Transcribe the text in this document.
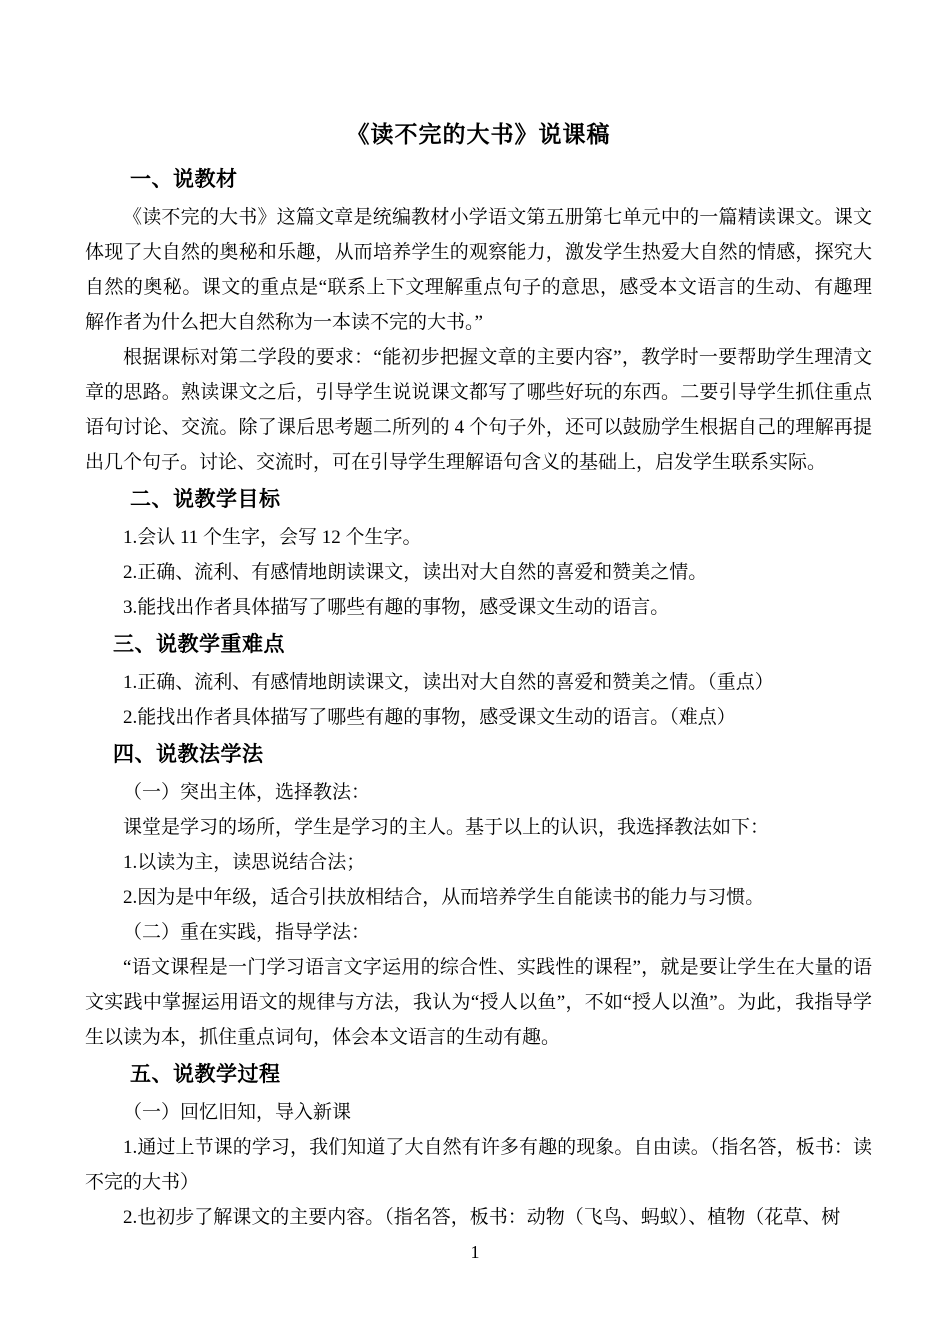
《读不完的大书》说课稿
一、说教材
《读不完的大书》这篇文章是统编教材小学语文第五册第七单元中的一篇精读课文。课文体现了大自然的奥秘和乐趣，从而培养学生的观察能力，激发学生热爱大自然的情感，探究大自然的奥秘。课文的重点是“联系上下文理解重点句子的意思，感受本文语言的生动、有趣理解作者为什么把大自然称为一本读不完的大书。”
根据课标对第二学段的要求：“能初步把握文章的主要内容”，教学时一要帮助学生理清文章的思路。熟读课文之后，引导学生说说课文都写了哪些好玩的东西。二要引导学生抓住重点语句讨论、交流。除了课后思考题二所列的 4 个句子外，还可以鼓励学生根据自己的理解再提出几个句子。讨论、交流时，可在引导学生理解语句含义的基础上，启发学生联系实际。
二、说教学目标
1.会认 11 个生字，会写 12 个生字。
2.正确、流利、有感情地朗读课文，读出对大自然的喜爱和赞美之情。
3.能找出作者具体描写了哪些有趣的事物，感受课文生动的语言。
三、说教学重难点
1.正确、流利、有感情地朗读课文，读出对大自然的喜爱和赞美之情。（重点）
2.能找出作者具体描写了哪些有趣的事物，感受课文生动的语言。（难点）
四、说教法学法
（一）突出主体，选择教法：
课堂是学习的场所，学生是学习的主人。基于以上的认识，我选择教法如下：
1.以读为主，读思说结合法；
2.因为是中年级，适合引扶放相结合，从而培养学生自能读书的能力与习惯。
（二）重在实践，指导学法：
“语文课程是一门学习语言文字运用的综合性、实践性的课程”，就是要让学生在大量的语文实践中掌握运用语文的规律与方法，我认为“授人以鱼”，不如“授人以渔”。为此，我指导学生以读为本，抓住重点词句，体会本文语言的生动有趣。
五、说教学过程
（一）回忆旧知，导入新课
1.通过上节课的学习，我们知道了大自然有许多有趣的现象。自由读。（指名答，板书：读不完的大书）
2.也初步了解课文的主要内容。（指名答，板书：动物（飞鸟、蚂蚁）、植物（花草、树
1
